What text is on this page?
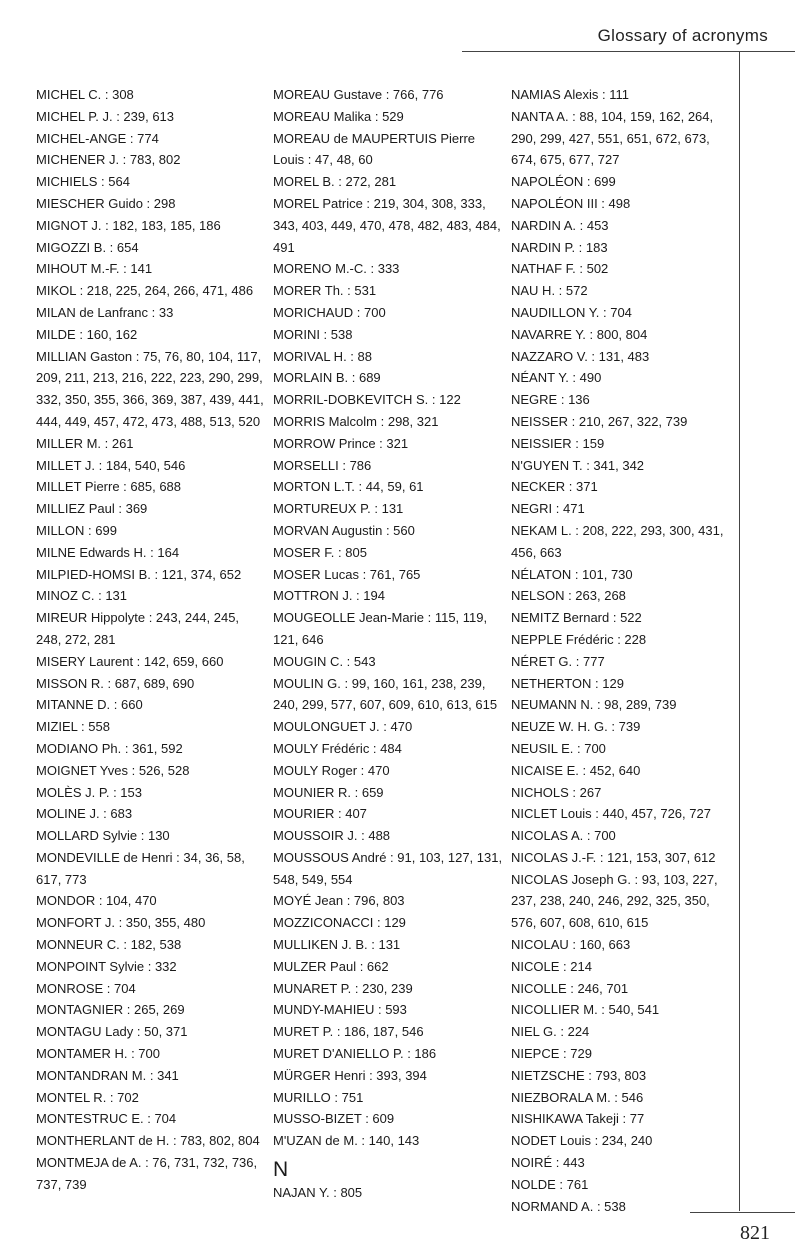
Glossary of acronyms

MICHEL C. : 308

MICHEL P. J. : 239, 613

MICHEL-ANGE : 774

MICHENER J. : 783, 802

MICHIELS : 564

MIESCHER Guido : 298

MIGNOT J. : 182, 183, 185, 186

MIGOZZI B. : 654

MIHOUT M.-F. : 141

MIKOL : 218, 225, 264, 266, 471, 486

MILAN de Lanfranc : 33

MILDE : 160, 162

MILLIAN Gaston : 75, 76, 80, 104, 117, 209, 211, 213, 216, 222, 223, 290, 299, 332, 350, 355, 366, 369, 387, 439, 441, 444, 449, 457, 472, 473, 488, 513, 520

MILLER M. : 261

MILLET J. : 184, 540, 546

MILLET Pierre : 685, 688

MILLIEZ Paul : 369

MILLON : 699

MILNE Edwards H. : 164

MILPIED-HOMSI B. : 121, 374, 652

MINOZ C. : 131

MIREUR Hippolyte : 243, 244, 245, 248, 272, 281

MISERY Laurent : 142, 659, 660

MISSON R. : 687, 689, 690

MITANNE D. : 660

MIZIEL : 558

MODIANO Ph. : 361, 592

MOIGNET Yves : 526, 528

MOLÈS J. P. : 153

MOLINE J. : 683

MOLLARD Sylvie : 130

MONDEVILLE de Henri : 34, 36, 58, 617, 773

MONDOR : 104, 470

MONFORT J. : 350, 355, 480

MONNEUR C. : 182, 538

MONPOINT Sylvie : 332

MONROSE : 704

MONTAGNIER : 265, 269

MONTAGU Lady : 50, 371

MONTAMER H. : 700

MONTANDRAN M. : 341

MONTEL R. : 702

MONTESTRUC E. : 704

MONTHERLANT de H. : 783, 802, 804

MONTMEJA de A. : 76, 731, 732, 736, 737, 739

MOREAU Gustave : 766, 776

MOREAU Malika : 529

MOREAU de MAUPERTUIS Pierre Louis : 47, 48, 60

MOREL B. : 272, 281

MOREL Patrice : 219, 304, 308, 333, 343, 403, 449, 470, 478, 482, 483, 484, 491

MORENO M.-C. : 333

MORER Th. : 531

MORICHAUD : 700

MORINI : 538

MORIVAL H. : 88

MORLAIN B. : 689

MORRIL-DOBKEVITCH S. : 122

MORRIS Malcolm : 298, 321

MORROW Prince : 321

MORSELLI : 786

MORTON L.T. : 44, 59, 61

MORTUREUX P. : 131

MORVAN Augustin : 560

MOSER F. : 805

MOSER Lucas : 761, 765

MOTTRON J. : 194

MOUGEOLLE Jean-Marie : 115, 119, 121, 646

MOUGIN C. : 543

MOULIN G. : 99, 160, 161, 238, 239, 240, 299, 577, 607, 609, 610, 613, 615

MOULONGUET J. : 470

MOULY Frédéric : 484

MOULY Roger : 470

MOUNIER R. : 659

MOURIER : 407

MOUSSOIR J. : 488

MOUSSOUS André : 91, 103, 127, 131, 548, 549, 554

MOYÉ Jean : 796, 803

MOZZICONACCI : 129

MULLIKEN J. B. : 131

MULZER Paul : 662

MUNARET P. : 230, 239

MUNDY-MAHIEU : 593

MURET P. : 186, 187, 546

MURET D'ANIELLO P. : 186

MÜRGER Henri : 393, 394

MURILLO : 751

MUSSO-BIZET : 609

M'UZAN de M. : 140, 143

N

NAJAN Y. : 805

NAMIAS Alexis : 111

NANTA A. : 88, 104, 159, 162, 264, 290, 299, 427, 551, 651, 672, 673, 674, 675, 677, 727

NAPOLÉON : 699

NAPOLÉON III : 498

NARDIN A. : 453

NARDIN P. : 183

NATHAF F. : 502

NAU H. : 572

NAUDILLON Y. : 704

NAVARRE Y. : 800, 804

NAZZARO V. : 131, 483

NÉANT Y. : 490

NEGRE : 136

NEISSER : 210, 267, 322, 739

NEISSIER : 159

N'GUYEN T. : 341, 342

NECKER : 371

NEGRI : 471

NEKAM L. : 208, 222, 293, 300, 431, 456, 663

NÉLATON : 101, 730

NELSON : 263, 268

NEMITZ Bernard : 522

NEPPLE Frédéric : 228

NÉRET G. : 777

NETHERTON : 129

NEUMANN N. : 98, 289, 739

NEUZE W. H. G. : 739

NEUSIL E. : 700

NICAISE E. : 452, 640

NICHOLS : 267

NICLET Louis : 440, 457, 726, 727

NICOLAS A. : 700

NICOLAS J.-F. : 121, 153, 307, 612

NICOLAS Joseph G. : 93, 103, 227, 237, 238, 240, 246, 292, 325, 350, 576, 607, 608, 610, 615

NICOLAU : 160, 663

NICOLE : 214

NICOLLE : 246, 701

NICOLLIER M. : 540, 541

NIEL G. : 224

NIEPCE : 729

NIETZSCHE : 793, 803

NIEZBORALA M. : 546

NISHIKAWA Takeji : 77

NODET Louis : 234, 240

NOIRÉ : 443

NOLDE : 761

NORMAND A. : 538

821
